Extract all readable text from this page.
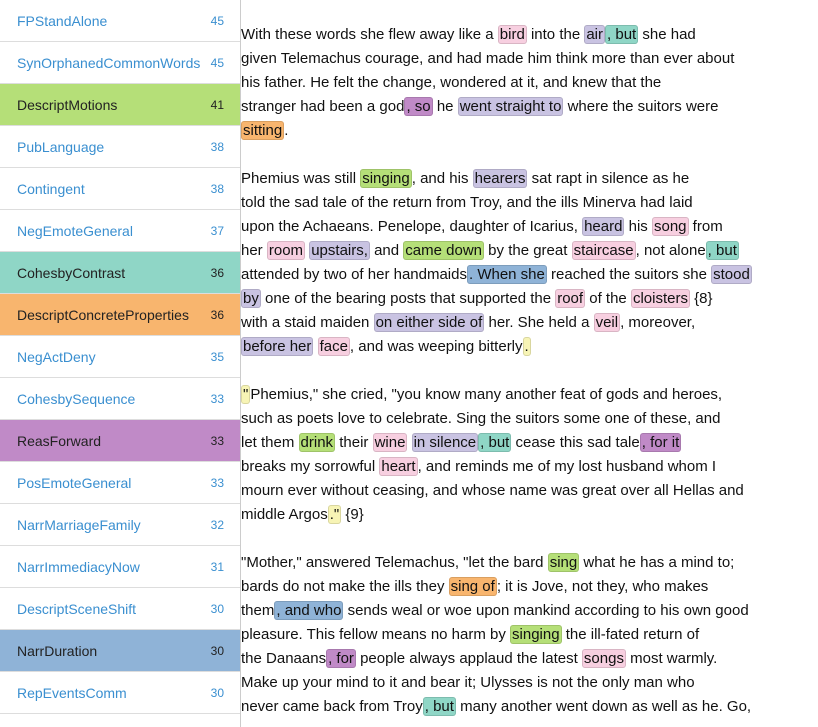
FPStandAlone	45
SynOrphanedCommonWords 45
DescriptMotions	41
PubLanguage	38
Contingent	38
NegEmoteGeneral	37
CohesbyContrast	36
DescriptConcreteProperties 36
NegActDeny	35
CohesbySequence	33
ReasForward	33
PosEmoteGeneral	33
NarrMarriageFamily	32
NarrImmediacyNow	31
DescriptSceneShift	30
NarrDuration	30
RepEventsComm	30
With these words she flew away like a bird into the air , but she had
given Telemachus courage, and had made him think more than ever about
his father. He felt the change, wondered at it, and knew that the
stranger had been a god , so he went straight to where the suitors were
sitting .
Phemius was still singing , and his hearers sat rapt in silence as he
told the sad tale of the return from Troy, and the ills Minerva had laid
upon the Achaeans. Penelope, daughter of Icarius, heard his song from
her room upstairs, and came down by the great staircase , not alone , but
attended by two of her handmaids . When she reached the suitors she stood
by one of the bearing posts that supported the roof of the cloisters {8}
with a staid maiden on either side of her. She held a veil , moreover,
before her face , and was weeping bitterly .
" Phemius," she cried, "you know many another feat of gods and heroes,
such as poets love to celebrate. Sing the suitors some one of these, and
let them drink their wine in silence , but cease this sad tale , for it
breaks my sorrowful heart , and reminds me of my lost husband whom I
mourn ever without ceasing, and whose name was great over all Hellas and
middle Argos ." {9}
"Mother," answered Telemachus, "let the bard sing what he has a mind to;
bards do not make the ills they sing of ; it is Jove, not they, who makes
them , and who sends weal or woe upon mankind according to his own good
pleasure. This fellow means no harm by singing the ill-fated return of
the Danaans , for people always applaud the latest songs most warmly.
Make up your mind to it and bear it; Ulysses is not the only man who
never came back from Troy , but many another went down as well as he. Go,
